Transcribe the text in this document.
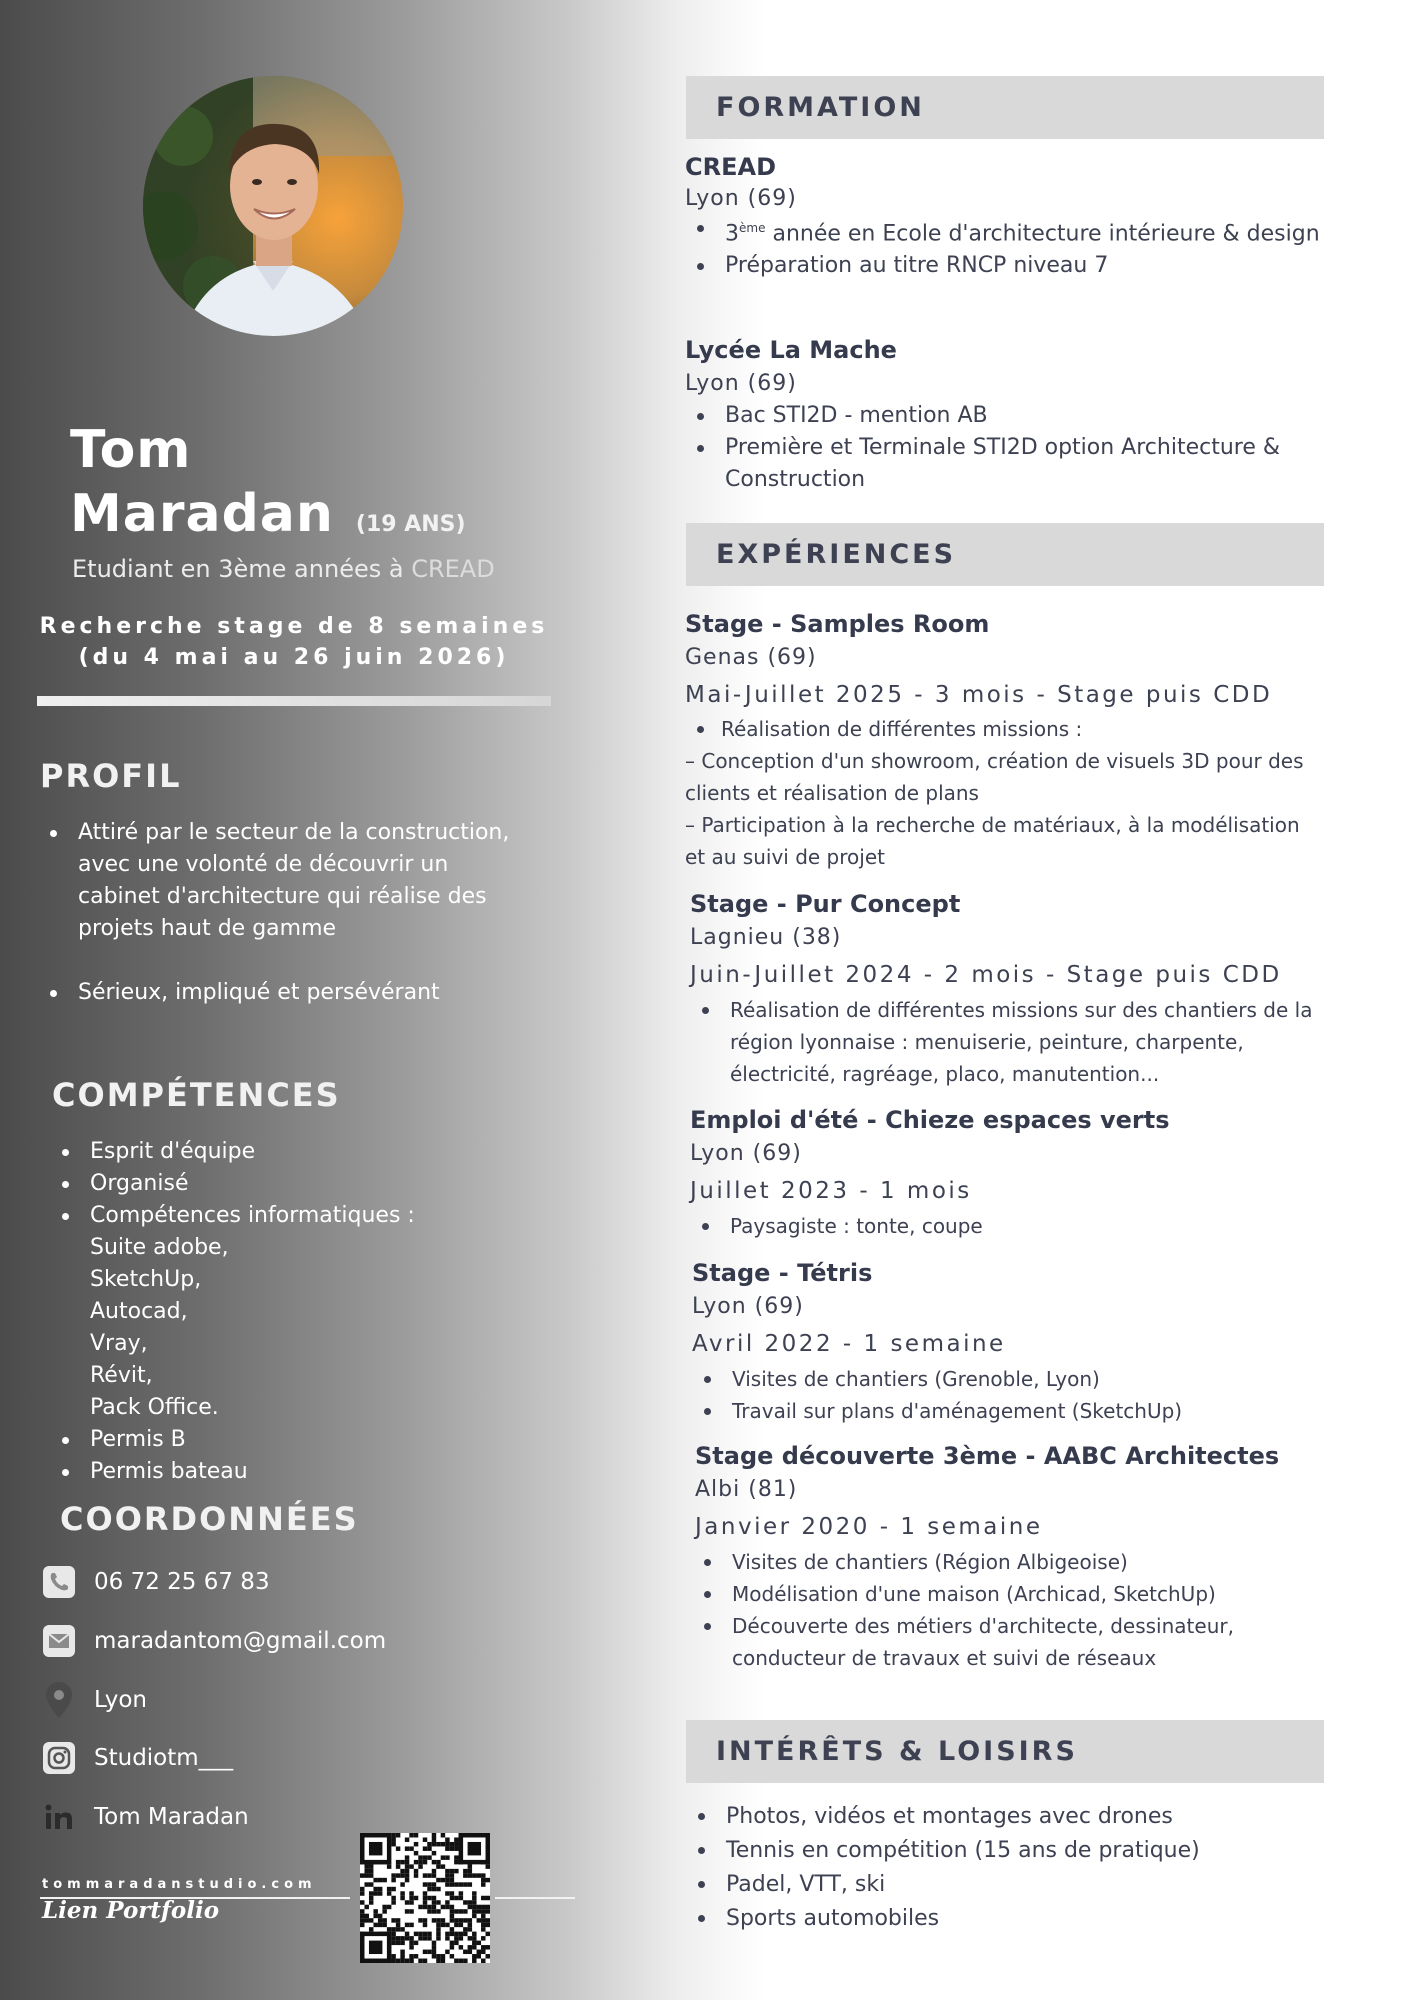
Tom
Maradan (19 ANS)
Etudiant en 3ème années à CREAD
Recherche stage de 8 semaines
(du 4 mai au 26 juin 2026)
PROFIL
Attiré par le secteur de la construction, avec une volonté de découvrir un cabinet d'architecture qui réalise des projets haut de gamme
Sérieux, impliqué et persévérant
COMPÉTENCES
Esprit d'équipe
Organisé
Compétences informatiques :
Suite adobe,
SketchUp,
Autocad,
Vray,
Révit,
Pack Office.
Permis B
Permis bateau
COORDONNÉES
06 72 25 67 83
maradantom@gmail.com
Lyon
Studiotm___
Tom Maradan
tommaradanstudio.com
Lien Portfolio
FORMATION
CREAD
Lyon (69)
3ème année en Ecole d'architecture intérieure & design
Préparation au titre RNCP niveau 7
Lycée La Mache
Lyon (69)
Bac STI2D - mention AB
Première et Terminale STI2D option Architecture & Construction
EXPÉRIENCES
Stage - Samples Room
Genas (69)
Mai-Juillet 2025 - 3 mois - Stage puis CDD
Réalisation de différentes missions :
– Conception d'un showroom, création de visuels 3D pour des clients et réalisation de plans
– Participation à la recherche de matériaux, à la modélisation et au suivi de projet
Stage - Pur Concept
Lagnieu (38)
Juin-Juillet 2024 - 2 mois - Stage puis CDD
Réalisation de différentes missions sur des chantiers de la région lyonnaise : menuiserie, peinture, charpente, électricité, ragréage, placo, manutention...
Emploi d'été - Chieze espaces verts
Lyon (69)
Juillet 2023 - 1 mois
Paysagiste : tonte, coupe
Stage - Tétris
Lyon (69)
Avril 2022 - 1 semaine
Visites de chantiers (Grenoble, Lyon)
Travail sur plans d'aménagement (SketchUp)
Stage découverte 3ème - AABC Architectes
Albi (81)
Janvier 2020 - 1 semaine
Visites de chantiers (Région Albigeoise)
Modélisation d'une maison (Archicad, SketchUp)
Découverte des métiers d'architecte, dessinateur, conducteur de travaux et suivi de réseaux
INTÉRÊTS & LOISIRS
Photos, vidéos et montages avec drones
Tennis en compétition (15 ans de pratique)
Padel, VTT, ski
Sports automobiles
